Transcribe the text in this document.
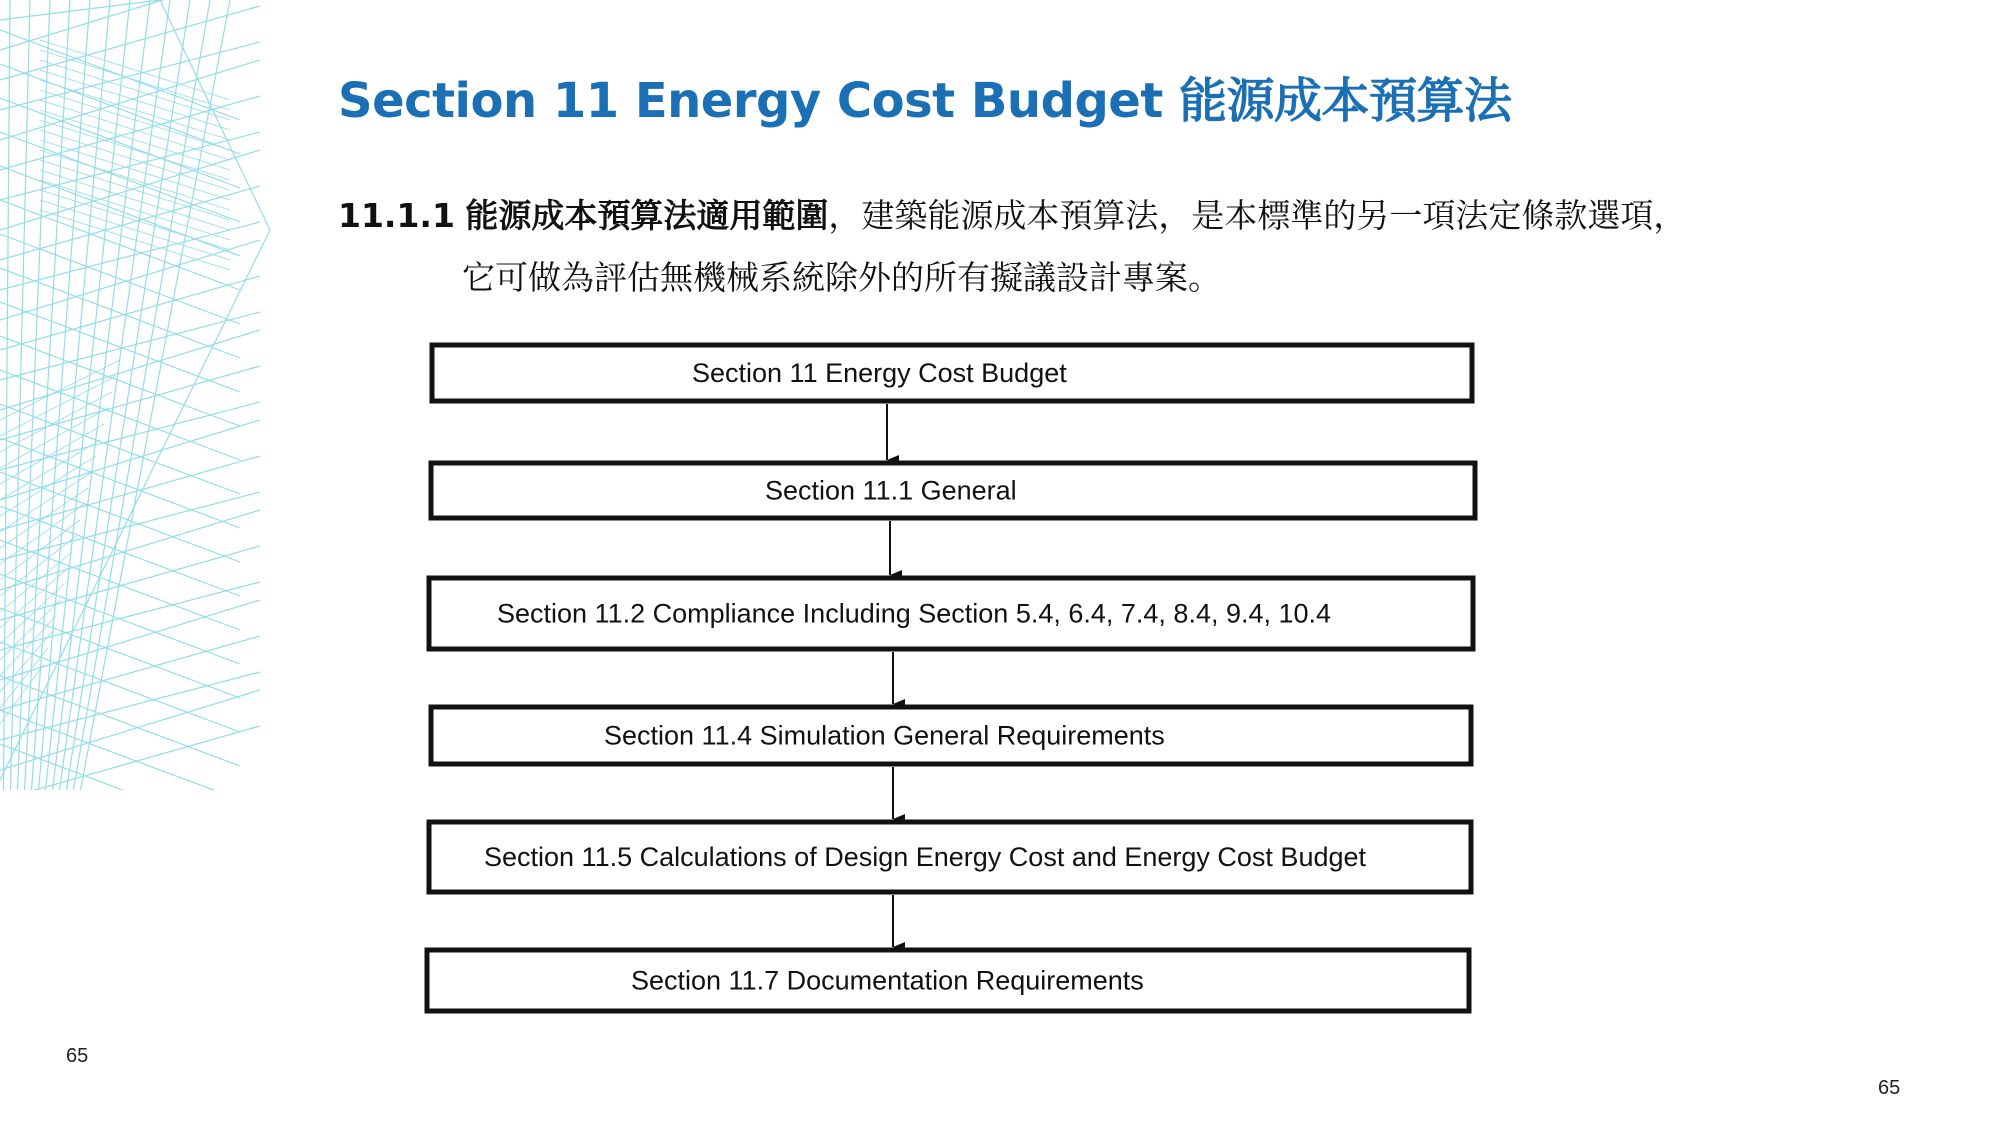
Section 11 Energy Cost Budget 能源成本預算法
11.1.1 能源成本預算法適用範圍，建築能源成本預算法，是本標準的另一項法定條款選項，
它可做為評估無機械系統除外的所有擬議設計專案。
Section 11 Energy Cost Budget
Section 11.1 General
Section 11.2 Compliance Including Section 5.4, 6.4, 7.4, 8.4, 9.4, 10.4
Section 11.4 Simulation General Requirements
Section 11.5 Calculations of Design Energy Cost and Energy Cost Budget
Section 11.7 Documentation Requirements
65
65
